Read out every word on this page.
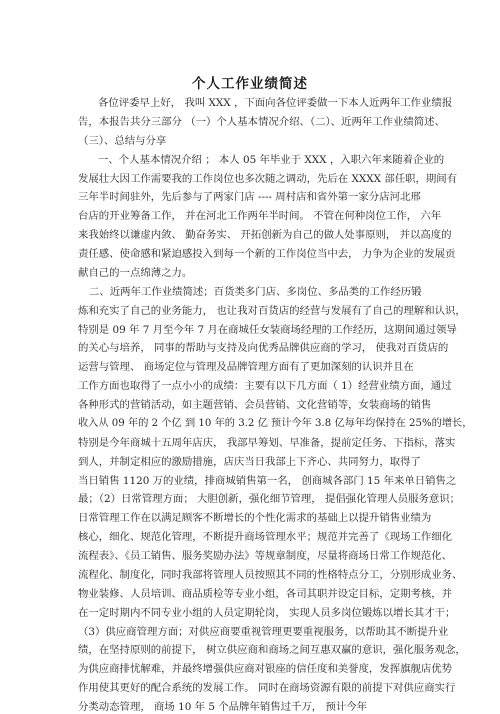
个人工作业绩简述
各位评委早上好， 我叫 XXX ，下面向各位评委做一下本人近两年工作业绩报
告，本报告共分三部分 （一）个人基本情况介绍、（二）、近两年工作业绩简述、
（三）、总结与分享
一、个人基本情况介绍 ； 本人 05 年毕业于 XXX ，入职六年来随着企业的
发展壮大因工作需要我的工作岗位也多次随之调动，先后在 XXXX 部任职，期间有
三年半时间驻外，先后参与了两家门店 ---- 周村店和省外第一家分店河北邢
台店的开业筹备工作， 并在河北工作两年半时间。 不管在何种岗位工作， 六年
来我始终以谦虚内敛、 勤奋务实、 开拓创新为自己的做人处事原则， 并以高度的
责任感、使命感和紧迫感投入到每一个新的工作岗位当中去， 力争为企业的发展贡
献自己的一点绵薄之力。
二、近两年工作业绩简述；百货类多门店、多岗位、多品类的工作经历锻
炼和充实了自己的业务能力， 也让我对百货店的经营与发展有了自己的理解和认识，
特别是 09 年 7 月至今年 7 月在商城任女装商场经理的工作经历，这期间通过领导
的关心与培养， 同事的帮助与支持及向优秀品牌供应商的学习， 使我对百货店的
运营与管理、 商场定位与管理及品牌管理方面有了更加深刻的认识并且在
工作方面也取得了一点小小的成绩：主要有以下几方面（ 1）经营业绩方面，通过
各种形式的营销活动，如主题营销、会员营销、文化营销等，女装商场的销售
收入从 09 年的 2 个亿 到 10 年的 3.2 亿 预计今年 3.8 亿每年均保持在 25%的增长，
特别是今年商城十五周年店庆， 我部早筹划、早准备，提前定任务、下指标，落实
到人，并制定相应的激励措施，店庆当日我部上下齐心、共同努力，取得了
当日销售 1120 万的业绩，排商城销售第一名， 创商城各部门 15 年来单日销售之
最；（2）日常管理方面； 大胆创新，强化细节管理， 提倡强化管理人员服务意识；
日常管理工作在以满足顾客不断增长的个性化需求的基础上以提升销售业绩为
核心，细化、规范化管理，不断提升商场管理水平；规范并完善了《现场工作细化
流程表》、《员工销售、服务奖励办法》等规章制度，尽量将商场日常工作规范化、
流程化、制度化，同时我部将管理人员按照其不同的性格特点分工，分别形成业务、
物业装修、人员培训、商品质检等专业小组，各司其职并设定目标，定期考核，并
在一定时期内不同专业小组的人员定期轮岗， 实现人员多岗位锻炼以增长其才干；
（3）供应商管理方面；对供应商要重视管理更要重视服务，以帮助其不断提升业
绩，在坚持原则的前提下， 树立供应商和商场之间互惠双赢的意识，强化服务观念，
为供应商排忧解难，并最终增强供应商对银座的信任度和美誉度，发挥旗舰店优势
作用使其更好的配合系统的发展工作。 同时在商场资源有限的前提下对供应商实行
分类动态管理， 商场 10 年 5 个品牌年销售过千万， 预计今年
